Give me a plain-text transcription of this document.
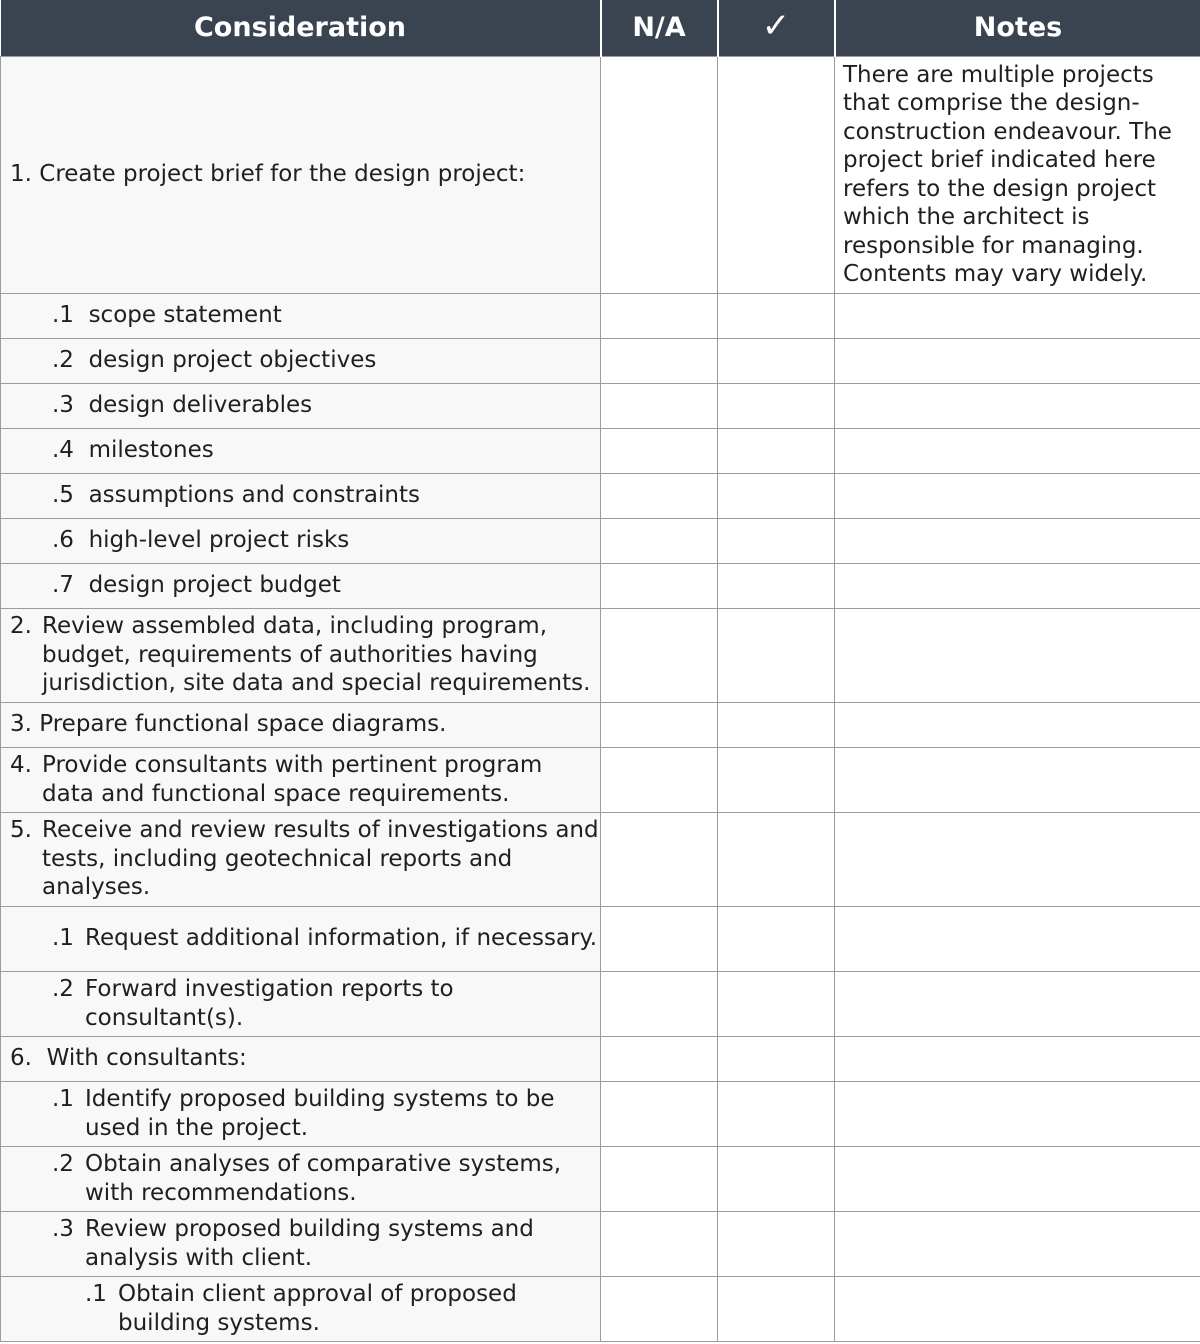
Consideration	N/A	✓	Notes

1. Create project brief for the design project:			There are multiple projects that comprise the design-construction endeavour. The project brief indicated here refers to the design project which the architect is responsible for managing. Contents may vary widely.

.1 scope statement			

.2 design project objectives			

.3 design deliverables			

.4 milestones			

.5 assumptions and constraints			

.6 high-level project risks			

.7 design project budget			

2. Review assembled data, including program, budget, requirements of authorities having jurisdiction, site data and special requirements.			

3. Prepare functional space diagrams.			

4. Provide consultants with pertinent program data and functional space requirements.			

5. Receive and review results of investigations and tests, including geotechnical reports and analyses.			

.1 Request additional information, if necessary.			

.2 Forward investigation reports to consultant(s).			

6. With consultants:			

.1 Identify proposed building systems to be used in the project.			

.2 Obtain analyses of comparative systems, with recommendations.			

.3 Review proposed building systems and analysis with client.			

.1 Obtain client approval of proposed building systems.			
